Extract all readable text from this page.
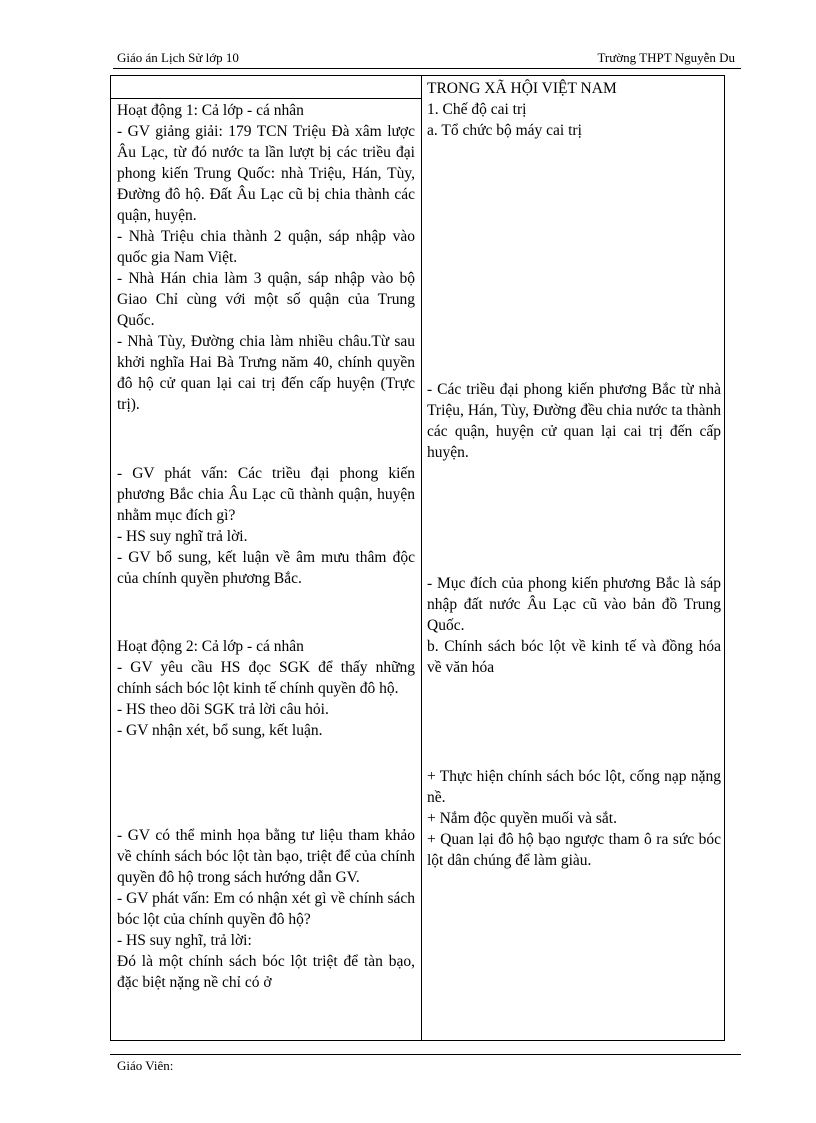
Giáo án Lịch Sử lớp 10	Trường THPT Nguyễn Du

Hoạt động 1: Cả lớp - cá nhân

- GV giảng giải: 179 TCN Triệu Đà xâm lược Âu Lạc, từ đó nước ta lần lượt bị các triều đại phong kiến Trung Quốc: nhà Triệu, Hán, Tùy, Đường đô hộ. Đất Âu Lạc cũ bị chia thành các quận, huyện.

- Nhà Triệu chia thành 2 quận, sáp nhập vào quốc gia Nam Việt.

- Nhà Hán chia làm 3 quận, sáp nhập vào bộ Giao Chỉ cùng với một số quận của Trung Quốc.

- Nhà Tùy, Đường chia làm nhiều châu.Từ sau khởi nghĩa Hai Bà Trưng năm 40, chính quyền đô hộ cử quan lại cai trị đến cấp huyện (Trực trị).

- GV phát vấn: Các triều đại phong kiến phương Bắc chia Âu Lạc cũ thành quận, huyện nhằm mục đích gì?

- HS suy nghĩ trả lời.

- GV bổ sung, kết luận về âm mưu thâm độc của chính quyền phương Bắc.

Hoạt động 2: Cả lớp - cá nhân

- GV yêu cầu HS đọc SGK để thấy những chính sách bóc lột kinh tế chính quyền đô hộ.

- HS theo dõi SGK trả lời câu hỏi.

- GV nhận xét, bổ sung, kết luận.

- GV có thể minh họa bằng tư liệu tham khảo về chính sách bóc lột tàn bạo, triệt để của chính quyền đô hộ trong sách hướng dẫn GV.

- GV phát vấn: Em có nhận xét gì về chính sách bóc lột của chính quyền đô hộ?

- HS suy nghĩ, trả lời:

Đó là một chính sách bóc lột triệt để tàn bạo, đặc biệt nặng nề chỉ có ở

TRONG XÃ HỘI VIỆT NAM

1. Chế độ cai trị

a. Tổ chức bộ máy cai trị

- Các triều đại phong kiến phương Bắc từ nhà Triệu, Hán, Tùy, Đường đều chia nước ta thành các quận, huyện cử quan lại cai trị đến cấp huyện.

- Mục đích của phong kiến phương Bắc là sáp nhập đất nước Âu Lạc cũ vào bản đồ Trung Quốc.

b. Chính sách bóc lột về kinh tế và đồng hóa về văn hóa

+ Thực hiện chính sách bóc lột, cống nạp nặng nề.

+ Nắm độc quyền muối và sắt.

+ Quan lại đô hộ bạo ngược tham ô ra sức bóc lột dân chúng để làm giàu.

Giáo Viên:
